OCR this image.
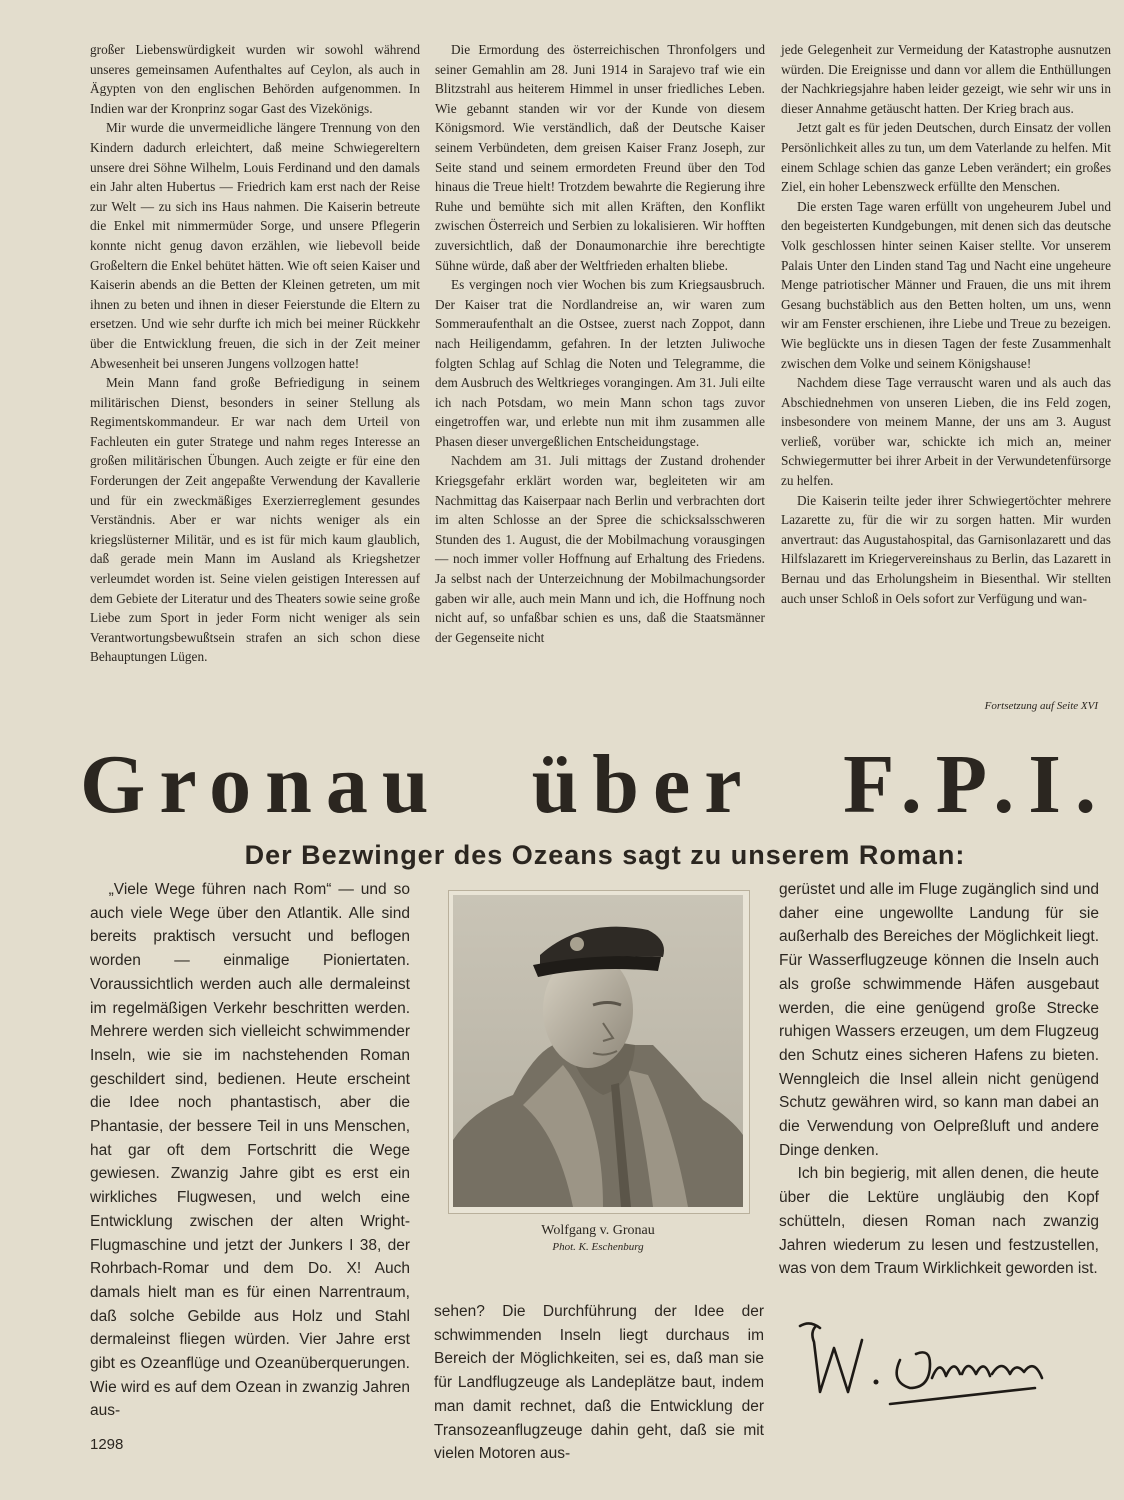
großer Liebenswürdigkeit wurden wir sowohl während unseres gemeinsamen Aufenthaltes auf Ceylon, als auch in Ägypten von den englischen Behörden aufgenommen. In Indien war der Kronprinz sogar Gast des Vizekönigs.

Mir wurde die unvermeidliche längere Trennung von den Kindern dadurch erleichtert, daß meine Schwiegereltern unsere drei Söhne Wilhelm, Louis Ferdinand und den damals ein Jahr alten Hubertus — Friedrich kam erst nach der Reise zur Welt — zu sich ins Haus nahmen. Die Kaiserin betreute die Enkel mit nimmermüder Sorge, und unsere Pflegerin konnte nicht genug davon erzählen, wie liebevoll beide Großeltern die Enkel behütet hätten. Wie oft seien Kaiser und Kaiserin abends an die Betten der Kleinen getreten, um mit ihnen zu beten und ihnen in dieser Feierstunde die Eltern zu ersetzen. Und wie sehr durfte ich mich bei meiner Rückkehr über die Entwicklung freuen, die sich in der Zeit meiner Abwesenheit bei unseren Jungens vollzogen hatte!

Mein Mann fand große Befriedigung in seinem militärischen Dienst, besonders in seiner Stellung als Regimentskommandeur. Er war nach dem Urteil von Fachleuten ein guter Stratege und nahm reges Interesse an großen militärischen Übungen. Auch zeigte er für eine den Forderungen der Zeit angepaßte Verwendung der Kavallerie und für ein zweckmäßiges Exerzierreglement gesundes Verständnis. Aber er war nichts weniger als ein kriegslüsterner Militär, und es ist für mich kaum glaublich, daß gerade mein Mann im Ausland als Kriegshetzer verleumdet worden ist. Seine vielen geistigen Interessen auf dem Gebiete der Literatur und des Theaters sowie seine große Liebe zum Sport in jeder Form nicht weniger als sein Verantwortungsbewußtsein strafen an sich schon diese Behauptungen Lügen.

Die Ermordung des österreichischen Thronfolgers und seiner Gemahlin am 28. Juni 1914 in Sarajevo traf wie ein Blitzstrahl aus heiterem Himmel in unser friedliches Leben. Wie gebannt standen wir vor der Kunde von diesem Königsmord. Wie verständlich, daß der Deutsche Kaiser seinem Verbündeten, dem greisen Kaiser Franz Joseph, zur Seite stand und seinem ermordeten Freund über den Tod hinaus die Treue hielt! Trotzdem bewahrte die Regierung ihre Ruhe und bemühte sich mit allen Kräften, den Konflikt zwischen Österreich und Serbien zu lokalisieren. Wir hofften zuversichtlich, daß der Donaumonarchie ihre berechtigte Sühne würde, daß aber der Weltfrieden erhalten bliebe.

Es vergingen noch vier Wochen bis zum Kriegsausbruch. Der Kaiser trat die Nordlandreise an, wir waren zum Sommeraufenthalt an die Ostsee, zuerst nach Zoppot, dann nach Heiligendamm, gefahren. In der letzten Juliwoche folgten Schlag auf Schlag die Noten und Telegramme, die dem Ausbruch des Weltkrieges vorangingen. Am 31. Juli eilte ich nach Potsdam, wo mein Mann schon tags zuvor eingetroffen war, und erlebte nun mit ihm zusammen alle Phasen dieser unvergeßlichen Entscheidungstage.

Nachdem am 31. Juli mittags der Zustand drohender Kriegsgefahr erklärt worden war, begleiteten wir am Nachmittag das Kaiserpaar nach Berlin und verbrachten dort im alten Schlosse an der Spree die schicksalsschweren Stunden des 1. August, die der Mobilmachung vorausgingen — noch immer voller Hoffnung auf Erhaltung des Friedens. Ja selbst nach der Unterzeichnung der Mobilmachungsorder gaben wir alle, auch mein Mann und ich, die Hoffnung noch nicht auf, so unfaßbar schien es uns, daß die Staatsmänner der Gegenseite nicht

jede Gelegenheit zur Vermeidung der Katastrophe ausnutzen würden. Die Ereignisse und dann vor allem die Enthüllungen der Nachkriegsjahre haben leider gezeigt, wie sehr wir uns in dieser Annahme getäuscht hatten. Der Krieg brach aus.

Jetzt galt es für jeden Deutschen, durch Einsatz der vollen Persönlichkeit alles zu tun, um dem Vaterlande zu helfen. Mit einem Schlage schien das ganze Leben verändert; ein großes Ziel, ein hoher Lebenszweck erfüllte den Menschen.

Die ersten Tage waren erfüllt von ungeheurem Jubel und den begeisterten Kundgebungen, mit denen sich das deutsche Volk geschlossen hinter seinen Kaiser stellte. Vor unserem Palais Unter den Linden stand Tag und Nacht eine ungeheure Menge patriotischer Männer und Frauen, die uns mit ihrem Gesang buchstäblich aus den Betten holten, um uns, wenn wir am Fenster erschienen, ihre Liebe und Treue zu bezeigen. Wie beglückte uns in diesen Tagen der feste Zusammenhalt zwischen dem Volke und seinem Königshause!

Nachdem diese Tage verrauscht waren und als auch das Abschiednehmen von unseren Lieben, die ins Feld zogen, insbesondere von meinem Manne, der uns am 3. August verließ, vorüber war, schickte ich mich an, meiner Schwiegermutter bei ihrer Arbeit in der Verwundetenfürsorge zu helfen.

Die Kaiserin teilte jeder ihrer Schwiegertöchter mehrere Lazarette zu, für die wir zu sorgen hatten. Mir wurden anvertraut: das Augustahospital, das Garnisonlazarett und das Hilfslazarett im Kriegervereinshaus zu Berlin, das Lazarett in Bernau und das Erholungsheim in Biesenthal. Wir stellten auch unser Schloß in Oels sofort zur Verfügung und wan-

Fortsetzung auf Seite XVI
Gronau über F.P.I.
Der Bezwinger des Ozeans sagt zu unserem Roman:

„Viele Wege führen nach Rom“ — und so auch viele Wege über den Atlantik. Alle sind bereits praktisch versucht und beflogen worden — einmalige Pioniertaten. Voraussichtlich werden auch alle dermaleinst im regelmäßigen Verkehr beschritten werden. Mehrere werden sich vielleicht schwimmender Inseln, wie sie im nachstehenden Roman geschildert sind, bedienen. Heute erscheint die Idee noch phantastisch, aber die Phantasie, der bessere Teil in uns Menschen, hat gar oft dem Fortschritt die Wege gewiesen. Zwanzig Jahre gibt es erst ein wirkliches Flugwesen, und welch eine Entwicklung zwischen der alten Wright-Flugmaschine und jetzt der Junkers I 38, der Rohrbach-Romar und dem Do. X! Auch damals hielt man es für einen Narrentraum, daß solche Gebilde aus Holz und Stahl dermaleinst fliegen würden. Vier Jahre erst gibt es Ozeanflüge und Ozeanüberquerungen. Wie wird es auf dem Ozean in zwanzig Jahren aus-

Wolfgang v. Gronau
Phot. K. Eschenburg

sehen? Die Durchführung der Idee der schwimmenden Inseln liegt durchaus im Bereich der Möglichkeiten, sei es, daß man sie für Landflugzeuge als Landeplätze baut, indem man damit rechnet, daß die Entwicklung der Transozeanflugzeuge dahin geht, daß sie mit vielen Motoren aus-

gerüstet und alle im Fluge zugänglich sind und daher eine ungewollte Landung für sie außerhalb des Bereiches der Möglichkeit liegt. Für Wasserflugzeuge können die Inseln auch als große schwimmende Häfen ausgebaut werden, die eine genügend große Strecke ruhigen Wassers erzeugen, um dem Flugzeug den Schutz eines sicheren Hafens zu bieten. Wenngleich die Insel allein nicht genügend Schutz gewähren wird, so kann man dabei an die Verwendung von Oelpreßluft und andere Dinge denken.

Ich bin begierig, mit allen denen, die heute über die Lektüre ungläubig den Kopf schütteln, diesen Roman nach zwanzig Jahren wiederum zu lesen und festzustellen, was von dem Traum Wirklichkeit geworden ist.

1298
